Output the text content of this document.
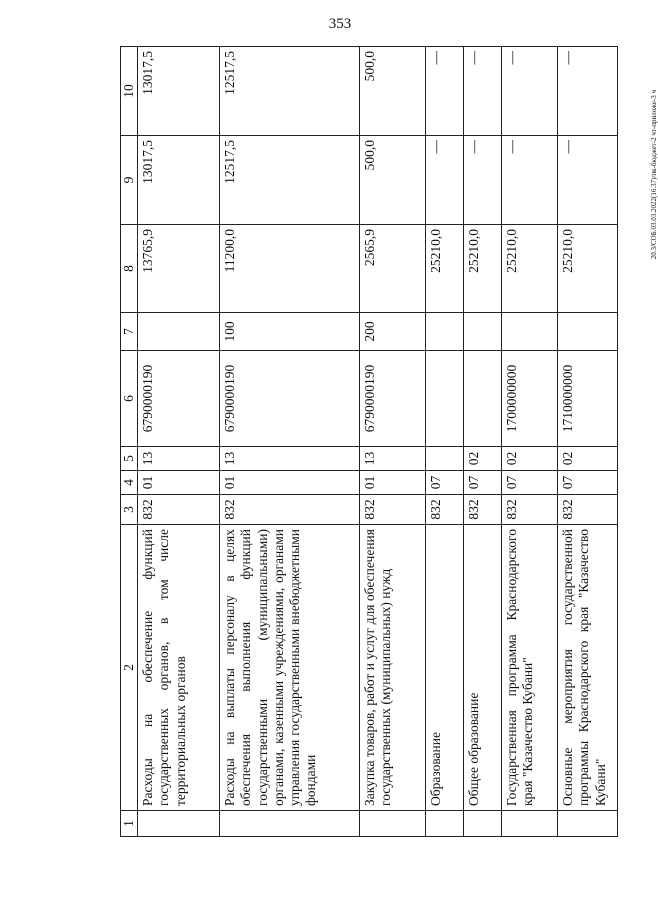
353
20.3/СОБ.03.03.2022(16.37)/пк-бюджет-2 чт-приложе-3 ч
1	2	3	4	5	6	7	8	9	10
	Расходы на обеспечение функций государственных органов, в том числе территориальных органов	832	01	13	6790000190		13765,9	13017,5	13017,5
	Расходы на выплаты персоналу в целях обеспечения выполнения функций государственными (муниципальными) органами, казенными учреждениями, органами управления государственными внебюджетными фондами	832	01	13	6790000190	100	11200,0	12517,5	12517,5
	Закупка товаров, работ и услуг для обеспечения государственных (муниципальных) нужд	832	01	13	6790000190	200	2565,9	500,0	500,0
	Образование	832	07				25210,0	—	—
	Общее образование	832	07	02			25210,0	—	—
	Государственная программа Краснодарского края "Казачество Кубани"	832	07	02	1700000000		25210,0	—	—
	Основные мероприятия государственной программы Краснодарского края "Казачество Кубани"	832	07	02	1710000000		25210,0	—	—
